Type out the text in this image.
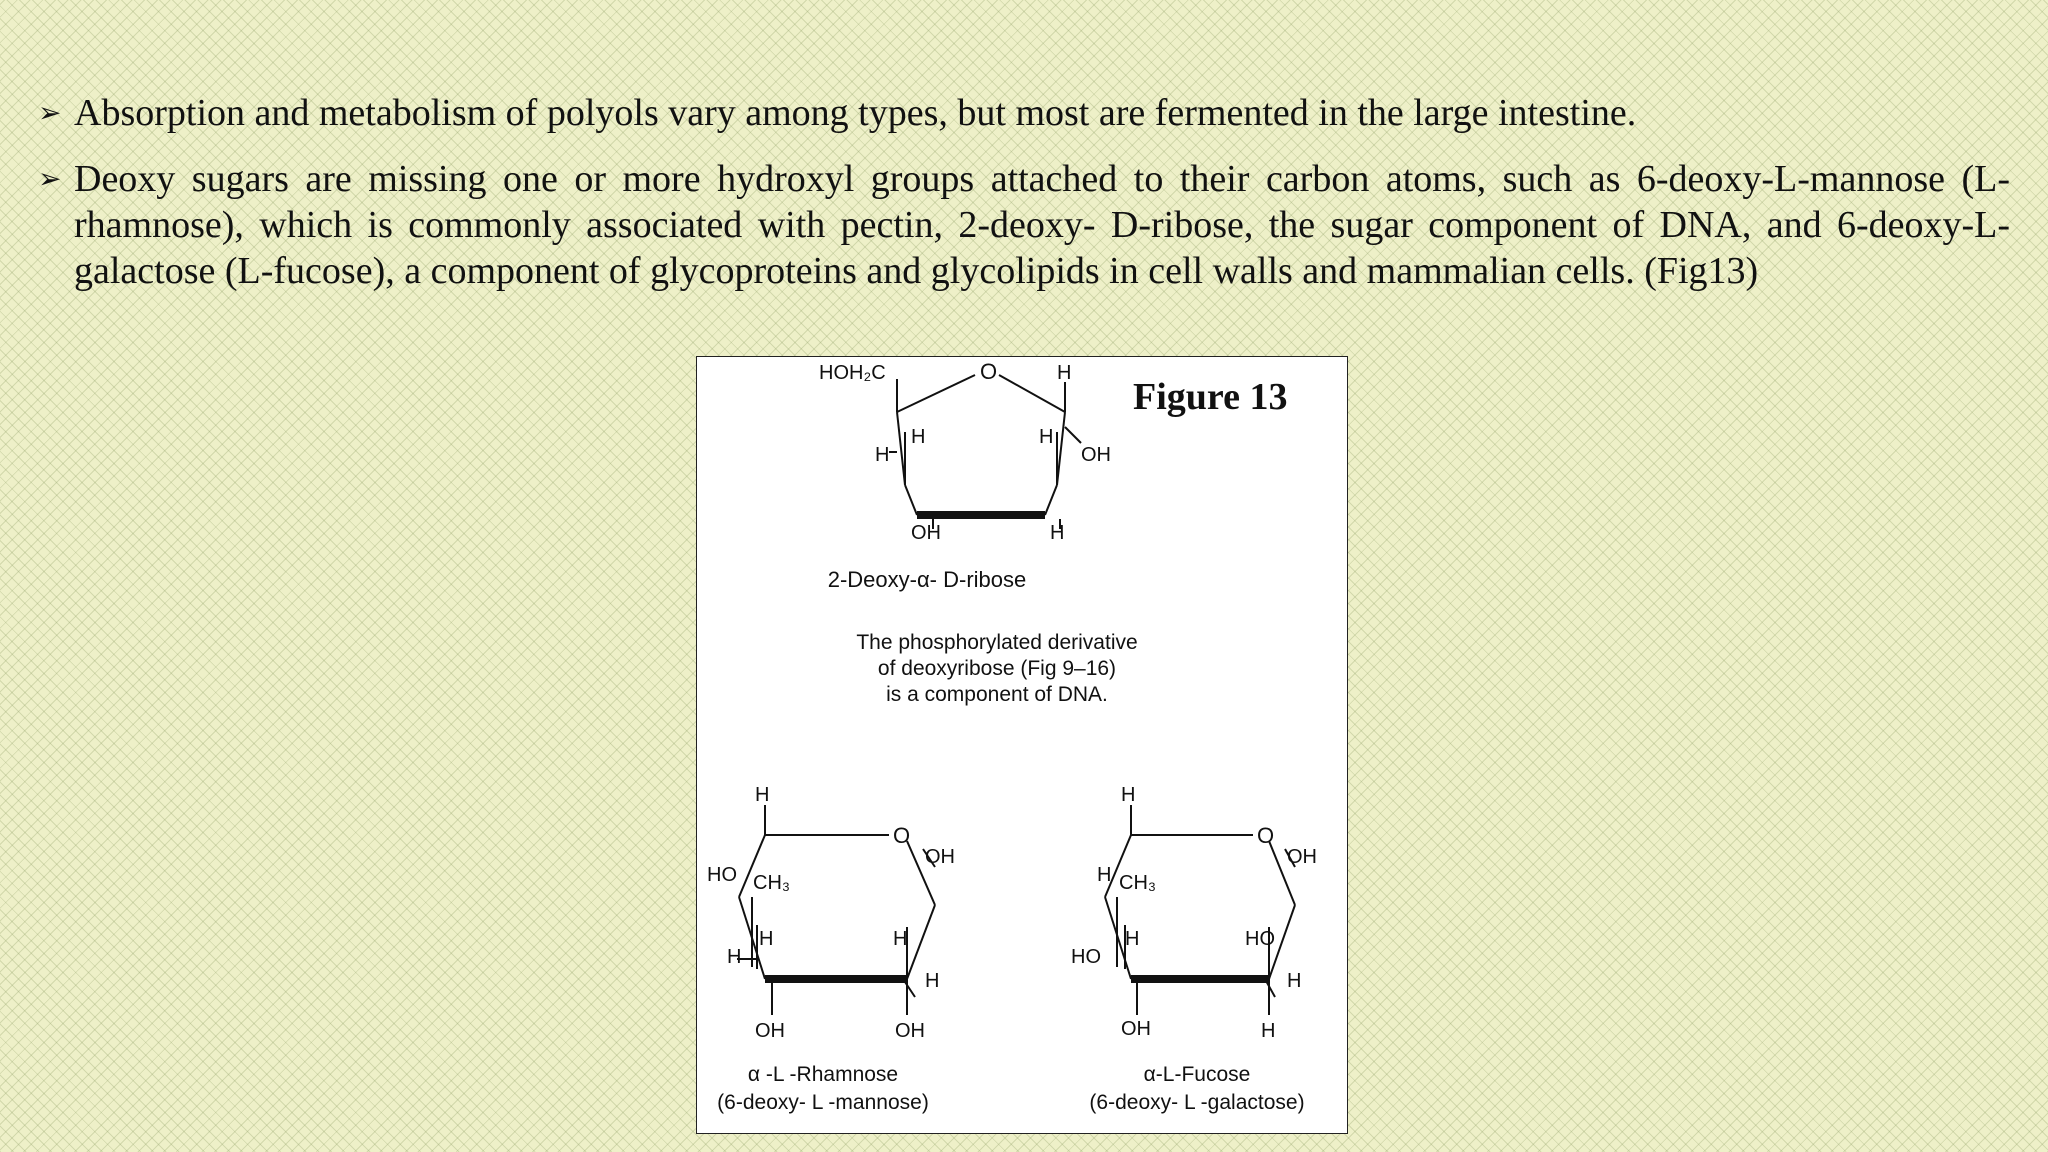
➢ Absorption and metabolism of polyols vary among types, but most are fermented in the large intestine.
➢ Deoxy sugars are missing one or more hydroxyl groups attached to their carbon atoms, such as 6-deoxy-L-mannose (L-rhamnose), which is commonly associated with pectin, 2-deoxy- D-ribose, the sugar component of DNA, and 6-deoxy-L-galactose (L-fucose), a component of glycoproteins and glycolipids in cell walls and mammalian cells. (Fig13)
HOH₂C	O	H
H
H	H
OH
OH	H
2-Deoxy-α- D-ribose
The phosphorylated derivative
of deoxyribose (Fig 9–16)
is a component of DNA.
Figure 13
H
O
OH
HO CH₃
H
H
H
H
OH	OH
α -L -Rhamnose
(6-deoxy- L -mannose)
H
O
OH
H CH₃
H
HO
HO
H
OH	H
α-L-Fucose
(6-deoxy- L -galactose)
